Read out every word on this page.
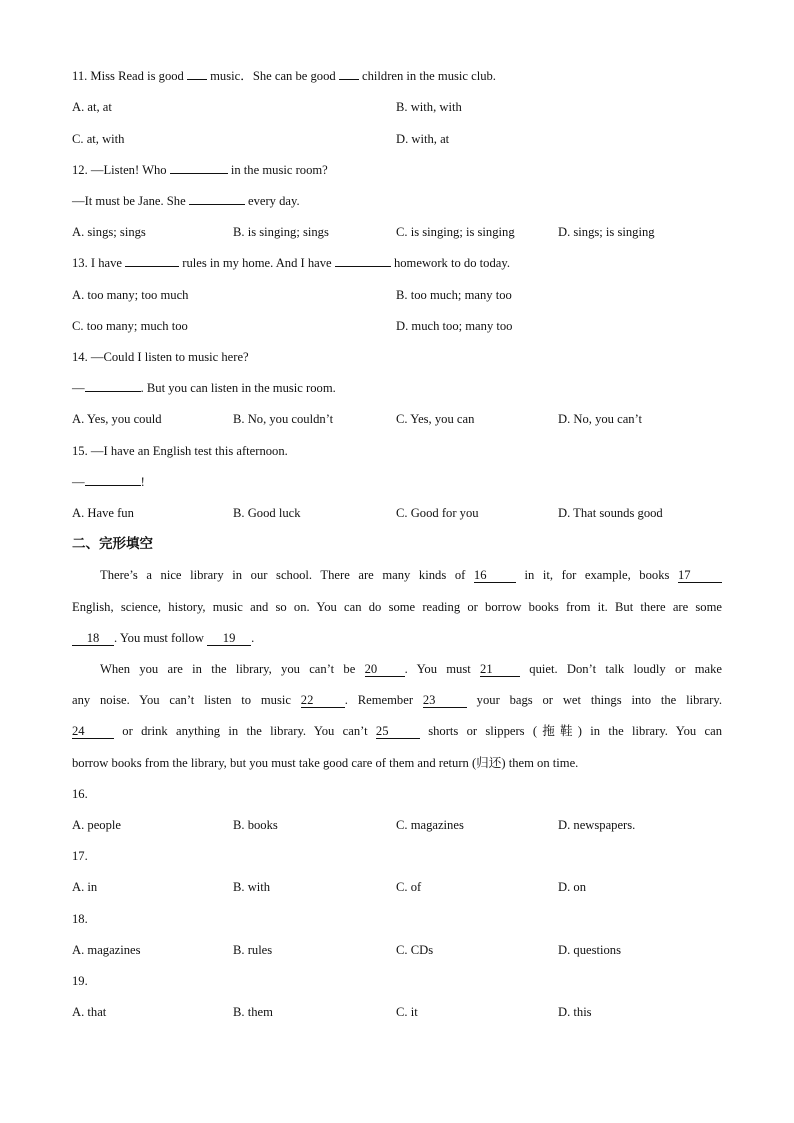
11. Miss Read is good  music．She can be good  children in the music club.
A. at, at	B. with, with
C. at, with	D. with, at
12. —Listen! Who	in the music room?
—It must be Jane. She	every day.
A. sings; sings	B. is singing; sings	C. is singing; is singing	D. sings; is singing
13. I have	rules in my home. And I have	homework to do today.
A. too many; too much	B. too much; many too
C. too many; much too	D. much too; many too
14. —Could I listen to music here?
—	. But you can listen in the music room.
A. Yes, you could	B. No, you couldn’t	C. Yes, you can	D. No, you can’t
15. —I have an English test this afternoon.
—	!
A. Have fun	B. Good luck	C. Good for you	D. That sounds good
二、完形填空
There’s a nice library in our school. There are many kinds of 16 in it, for example, books 17
English, science, history, music and so on. You can do some reading or borrow books from it. But there are some
18 . You must follow 19 .
When you are in the library, you can’t be 20 . You must 21 quiet. Don’t talk loudly or make
any noise. You can’t listen to music 22 . Remember 23 your bags or wet things into the library.
24 or drink anything in the library. You can’t 25 shorts or slippers (拖鞋) in the library. You can
borrow books from the library, but you must take good care of them and return (归还) them on time.
16.
A. people	B. books	C. magazines	D. newspapers.
17.
A. in	B. with	C. of	D. on
18.
A. magazines	B. rules	C. CDs	D. questions
19.
A. that	B. them	C. it	D. this
